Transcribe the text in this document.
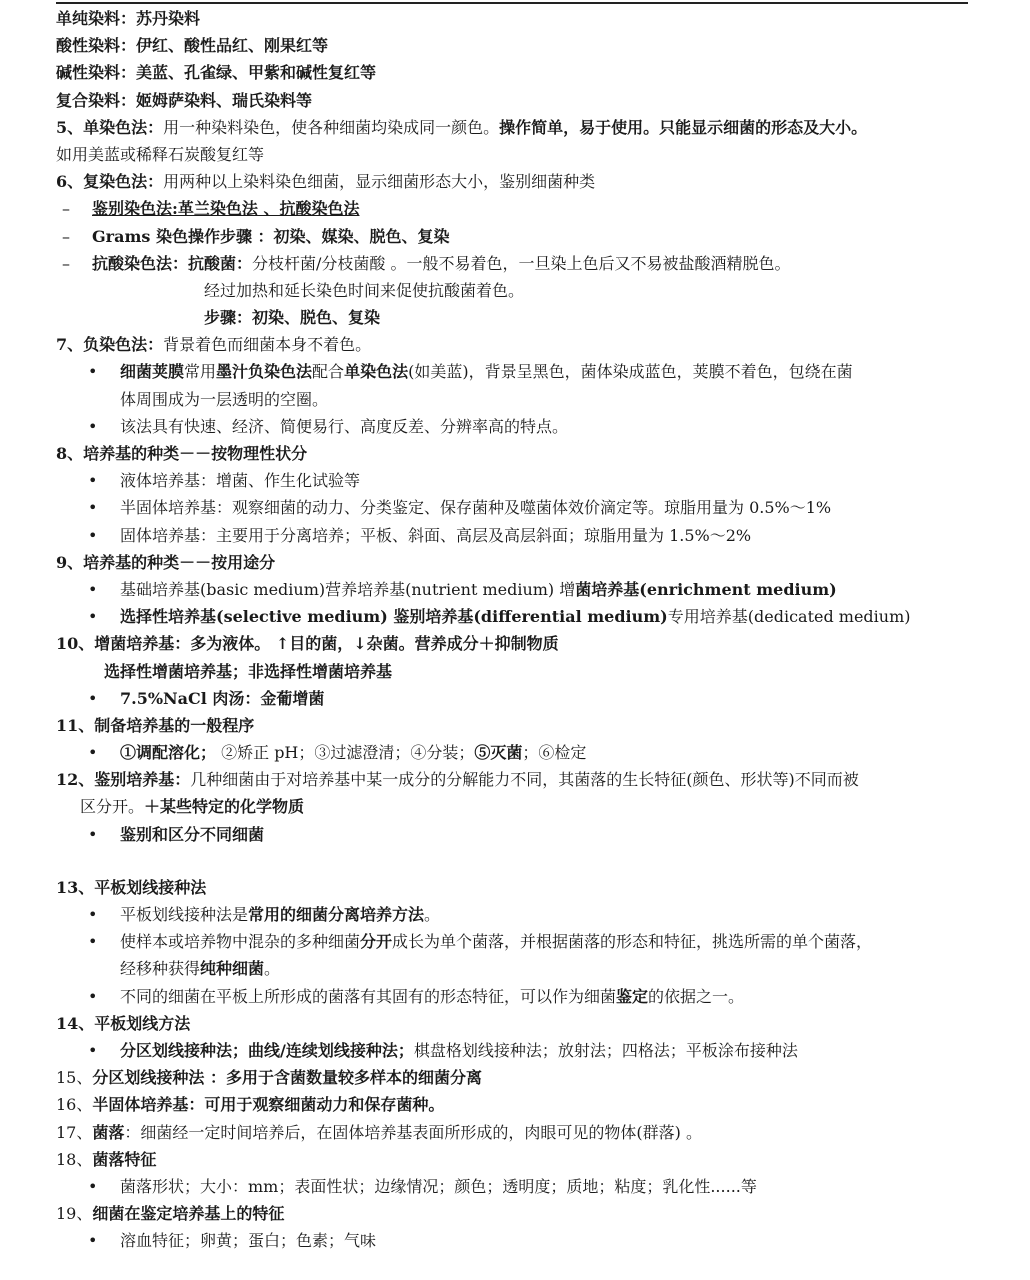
单纯染料：苏丹染料
酸性染料：伊红、酸性品红、刚果红等
碱性染料：美蓝、孔雀绿、甲紫和碱性复红等
复合染料：姬姆萨染料、瑞氏染料等
5、单染色法：用一种染料染色，使各种细菌均染成同一颜色。操作简单，易于使用。只能显示细菌的形态及大小。
如用美蓝或稀释石炭酸复红等
6、复染色法：用两种以上染料染色细菌，显示细菌形态大小，鉴别细菌种类
– 鉴别染色法:革兰染色法 、抗酸染色法
– Grams 染色操作步骤 ：初染、媒染、脱色、复染
– 抗酸染色法：抗酸菌：分枝杆菌/分枝菌酸 。一般不易着色，一旦染上色后又不易被盐酸酒精脱色。
经过加热和延长染色时间来促使抗酸菌着色。
步骤：初染、脱色、复染
7、负染色法：背景着色而细菌本身不着色。
• 细菌荚膜常用墨汁负染色法配合单染色法(如美蓝)，背景呈黑色，菌体染成蓝色，荚膜不着色，包绕在菌
体周围成为一层透明的空圈。
• 该法具有快速、经济、简便易行、高度反差、分辨率高的特点。
8、培养基的种类－－按物理性状分
• 液体培养基：增菌、作生化试验等
• 半固体培养基：观察细菌的动力、分类鉴定、保存菌种及噬菌体效价滴定等。琼脂用量为 0.5%～1%
• 固体培养基：主要用于分离培养；平板、斜面、高层及高层斜面；琼脂用量为 1.5%～2%
9、培养基的种类－－按用途分
• 基础培养基(basic medium)营养培养基(nutrient medium) 增菌培养基(enrichment medium)
• 选择性培养基(selective medium) 鉴别培养基(differential medium)专用培养基(dedicated medium)
10、增菌培养基：多为液体。 ↑目的菌，↓杂菌。营养成分＋抑制物质
选择性增菌培养基；非选择性增菌培养基
• 7.5%NaCl 肉汤：金葡增菌
11、制备培养基的一般程序
• ①调配溶化； ②矫正 pH；③过滤澄清；④分装；⑤灭菌；⑥检定
12、鉴别培养基：几种细菌由于对培养基中某一成分的分解能力不同，其菌落的生长特征(颜色、形状等)不同而被
区分开。＋某些特定的化学物质
• 鉴别和区分不同细菌
13、平板划线接种法
• 平板划线接种法是常用的细菌分离培养方法。
• 使样本或培养物中混杂的多种细菌分开成长为单个菌落，并根据菌落的形态和特征，挑选所需的单个菌落，
经移种获得纯种细菌。
• 不同的细菌在平板上所形成的菌落有其固有的形态特征，可以作为细菌鉴定的依据之一。
14、平板划线方法
• 分区划线接种法；曲线/连续划线接种法；棋盘格划线接种法；放射法；四格法；平板涂布接种法
15、分区划线接种法 ：多用于含菌数量较多样本的细菌分离
16、半固体培养基：可用于观察细菌动力和保存菌种。
17、菌落：细菌经一定时间培养后，在固体培养基表面所形成的，肉眼可见的物体(群落) 。
18、菌落特征
• 菌落形状；大小：mm；表面性状；边缘情况；颜色；透明度；质地；粘度；乳化性......等
19、细菌在鉴定培养基上的特征
• 溶血特征；卵黄；蛋白；色素；气味
